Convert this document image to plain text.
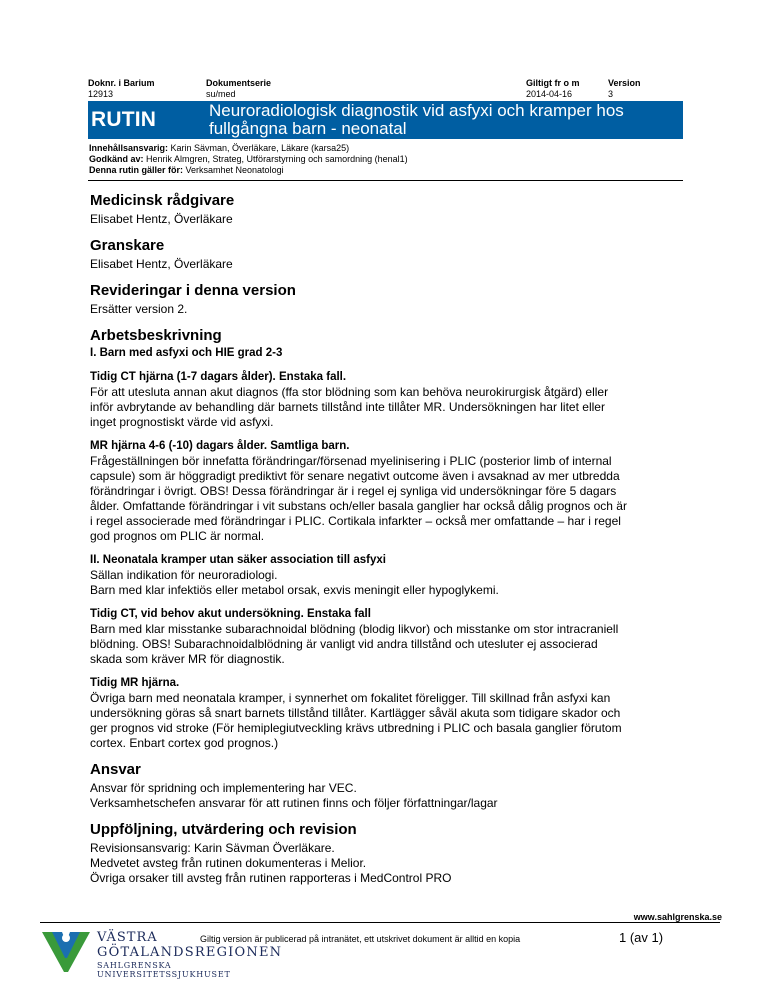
Doknr. i Barium
12913
Dokumentserie
su/med
Giltigt fr o m
2014-04-16
Version
3
RUTIN	Neuroradiologisk diagnostik vid asfyxi och kramper hos
fullgångna barn - neonatal
Innehållsansvarig: Karin Sävman, Överläkare, Läkare (karsa25)
Godkänd av: Henrik Almgren, Strateg, Utförarstyrning och samordning (henal1)
Denna rutin gäller för: Verksamhet Neonatologi
Medicinsk rådgivare
Elisabet Hentz, Överläkare
Granskare
Elisabet Hentz, Överläkare
Revideringar i denna version
Ersätter version 2.
Arbetsbeskrivning
I. Barn med asfyxi och HIE grad 2-3
Tidig CT hjärna (1-7 dagars ålder). Enstaka fall.
För att utesluta annan akut diagnos (ffa stor blödning som kan behöva neurokirurgisk åtgärd) eller
inför avbrytande av behandling där barnets tillstånd inte tillåter MR. Undersökningen har litet eller
inget prognostiskt värde vid asfyxi.
MR hjärna 4-6 (-10) dagars ålder. Samtliga barn.
Frågeställningen bör innefatta förändringar/försenad myelinisering i PLIC (posterior limb of internal
capsule) som är höggradigt prediktivt för senare negativt outcome även i avsaknad av mer utbredda
förändringar i övrigt. OBS! Dessa förändringar är i regel ej synliga vid undersökningar före 5 dagars
ålder. Omfattande förändringar i vit substans och/eller basala ganglier har också dålig prognos och är
i regel associerade med förändringar i PLIC. Cortikala infarkter – också mer omfattande – har i regel
god prognos om PLIC är normal.
II. Neonatala kramper utan säker association till asfyxi
Sällan indikation för neuroradiologi.
Barn med klar infektiös eller metabol orsak, exvis meningit eller hypoglykemi.
Tidig CT, vid behov akut undersökning. Enstaka fall
Barn med klar misstanke subarachnoidal blödning (blodig likvor) och misstanke om stor intracraniell
blödning. OBS! Subarachnoidalblödning är vanligt vid andra tillstånd och utesluter ej associerad
skada som kräver MR för diagnostik.
Tidig MR hjärna.
Övriga barn med neonatala kramper, i synnerhet om fokalitet föreligger. Till skillnad från asfyxi kan
undersökning göras så snart barnets tillstånd tillåter. Kartlägger såväl akuta som tidigare skador och
ger prognos vid stroke (För hemiplegiutveckling krävs utbredning i PLIC och basala ganglier förutom
cortex. Enbart cortex god prognos.)
Ansvar
Ansvar för spridning och implementering har VEC.
Verksamhetschefen ansvarar för att rutinen finns och följer författningar/lagar
Uppföljning, utvärdering och revision
Revisionsansvarig: Karin Sävman Överläkare.
Medvetet avsteg från rutinen dokumenteras i Melior.
Övriga orsaker till avsteg från rutinen rapporteras i MedControl PRO
www.sahlgrenska.se
VÄSTRA
GÖTALANDSREGIONEN
SAHLGRENSKA UNIVERSITETSSJUKHUSET
Giltig version är publicerad på intranätet, ett utskrivet dokument är alltid en kopia	1 (av 1)
